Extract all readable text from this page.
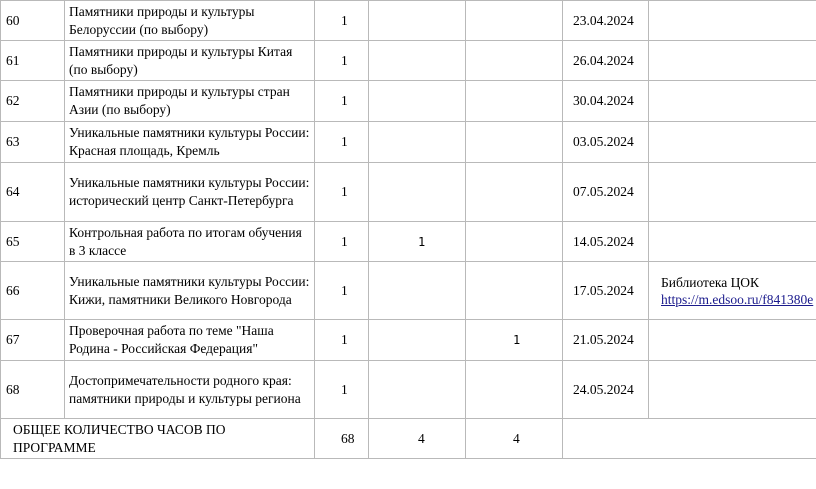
60	Памятники природы и культуры Белоруссии (по выбору)	1			23.04.2024	
61	Памятники природы и культуры Китая (по выбору)	1			26.04.2024	
62	Памятники природы и культуры стран Азии (по выбору)	1			30.04.2024	
63	Уникальные памятники культуры России: Красная площадь, Кремль	1			03.05.2024	
64	Уникальные памятники культуры России: исторический центр Санкт-Петербурга	1			07.05.2024	
65	Контрольная работа по итогам обучения в 3 классе	1	1		14.05.2024	
66	Уникальные памятники культуры России: Кижи, памятники Великого Новгорода	1			17.05.2024	Библиотека ЦОК
https://m.edsoo.ru/f841380e
67	Проверочная работа по теме "Наша Родина - Российская Федерация"	1		1	21.05.2024	
68	Достопримечательности родного края: памятники природы и культуры региона	1			24.05.2024	
ОБЩЕЕ КОЛИЧЕСТВО ЧАСОВ ПО ПРОГРАММЕ		68	4	4		
